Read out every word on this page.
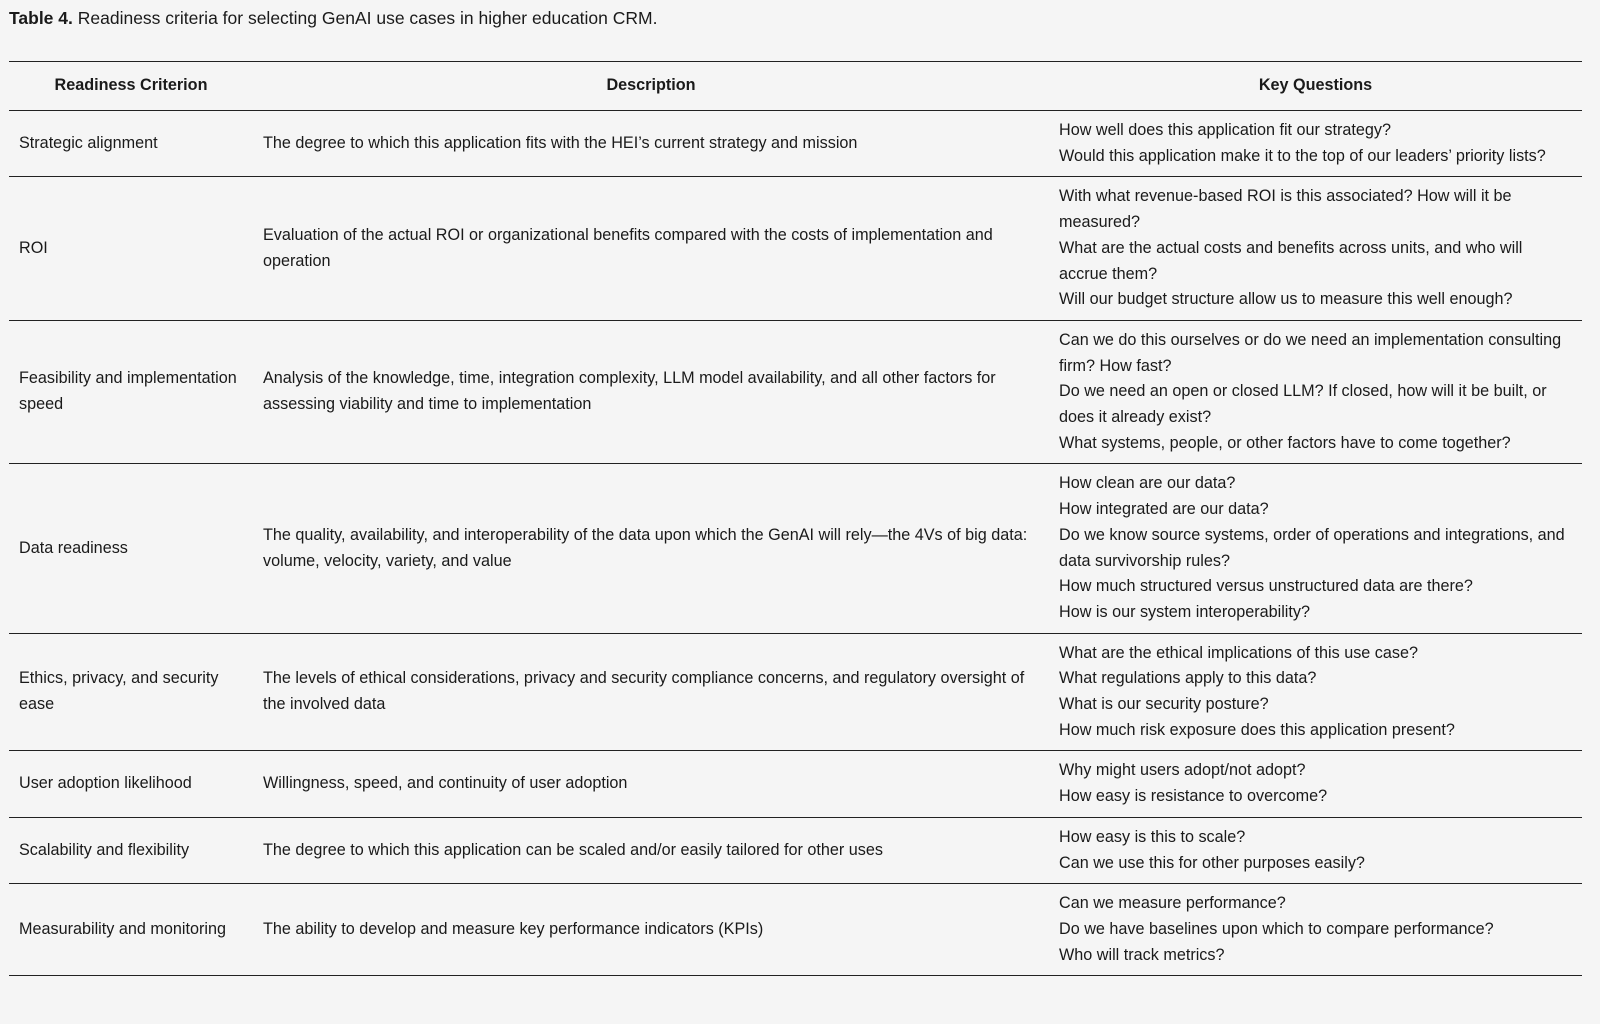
Table 4. Readiness criteria for selecting GenAI use cases in higher education CRM.
Readiness Criterion	Description	Key Questions
Strategic alignment	The degree to which this application fits with the HEI’s current strategy and mission	How well does this application fit our strategy?
Would this application make it to the top of our leaders’ priority lists?

ROI	Evaluation of the actual ROI or organizational benefits compared with the costs of implementation and operation	With what revenue-based ROI is this associated? How will it be measured?
What are the actual costs and benefits across units, and who will accrue them?
Will our budget structure allow us to measure this well enough?

Feasibility and implementation speed	Analysis of the knowledge, time, integration complexity, LLM model availability, and all other factors for assessing viability and time to implementation	Can we do this ourselves or do we need an implementation consulting firm? How fast?
Do we need an open or closed LLM? If closed, how will it be built, or does it already exist?
What systems, people, or other factors have to come together?

Data readiness	The quality, availability, and interoperability of the data upon which the GenAI will rely—the 4Vs of big data: volume, velocity, variety, and value	How clean are our data?
How integrated are our data?
Do we know source systems, order of operations and integrations, and data survivorship rules?
How much structured versus unstructured data are there?
How is our system interoperability?

Ethics, privacy, and security ease	The levels of ethical considerations, privacy and security compliance concerns, and regulatory oversight of the involved data	What are the ethical implications of this use case?
What regulations apply to this data?
What is our security posture?
How much risk exposure does this application present?

User adoption likelihood	Willingness, speed, and continuity of user adoption	Why might users adopt/not adopt?
How easy is resistance to overcome?

Scalability and flexibility	The degree to which this application can be scaled and/or easily tailored for other uses	How easy is this to scale?
Can we use this for other purposes easily?

Measurability and monitoring	The ability to develop and measure key performance indicators (KPIs)	Can we measure performance?
Do we have baselines upon which to compare performance?
Who will track metrics?
